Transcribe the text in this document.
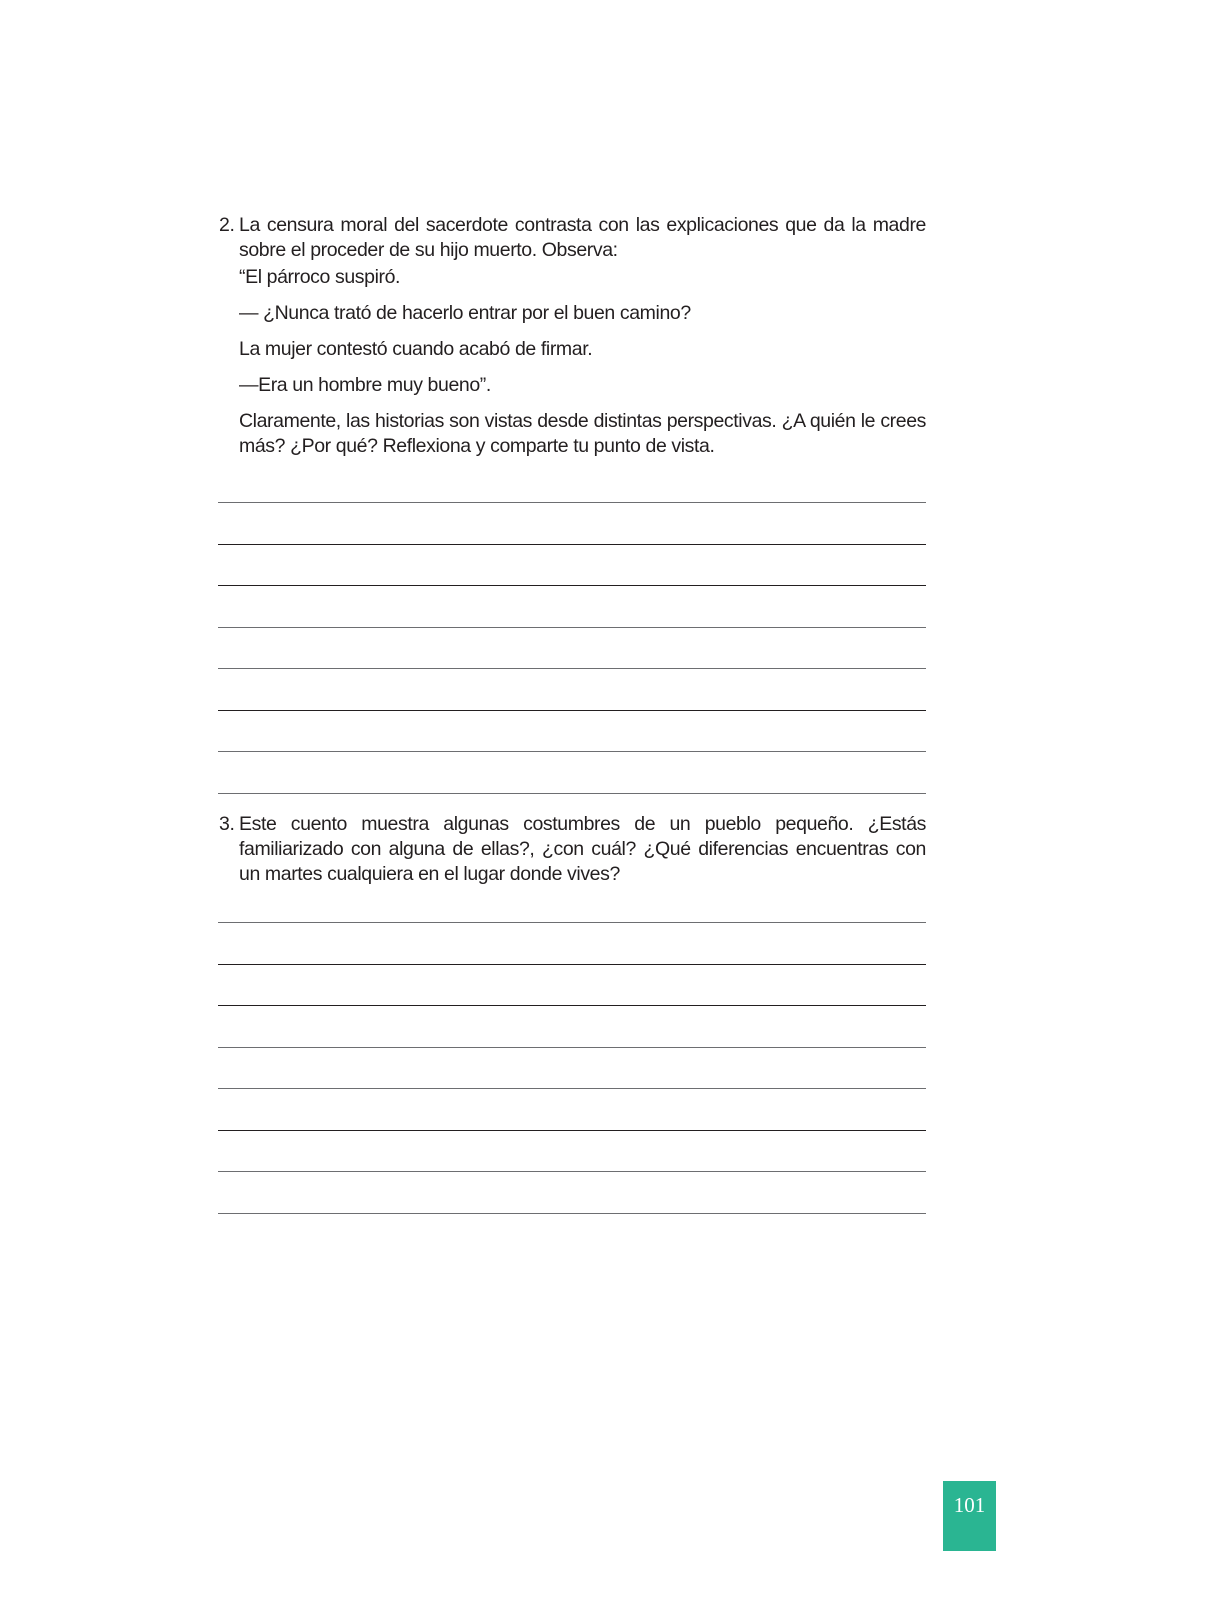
2. La censura moral del sacerdote contrasta con las explicaciones que da la madre sobre el proceder de su hijo muerto. Observa:

“El párroco suspiró.

— ¿Nunca trató de hacerlo entrar por el buen camino?

La mujer contestó cuando acabó de firmar.

—Era un hombre muy bueno”.

Claramente, las historias son vistas desde distintas perspectivas. ¿A quién le crees más? ¿Por qué? Reflexiona y comparte tu punto de vista.

3. Este cuento muestra algunas costumbres de un pueblo pequeño. ¿Estás familiarizado con alguna de ellas?, ¿con cuál? ¿Qué diferencias encuentras con un martes cualquiera en el lugar donde vives?

101
